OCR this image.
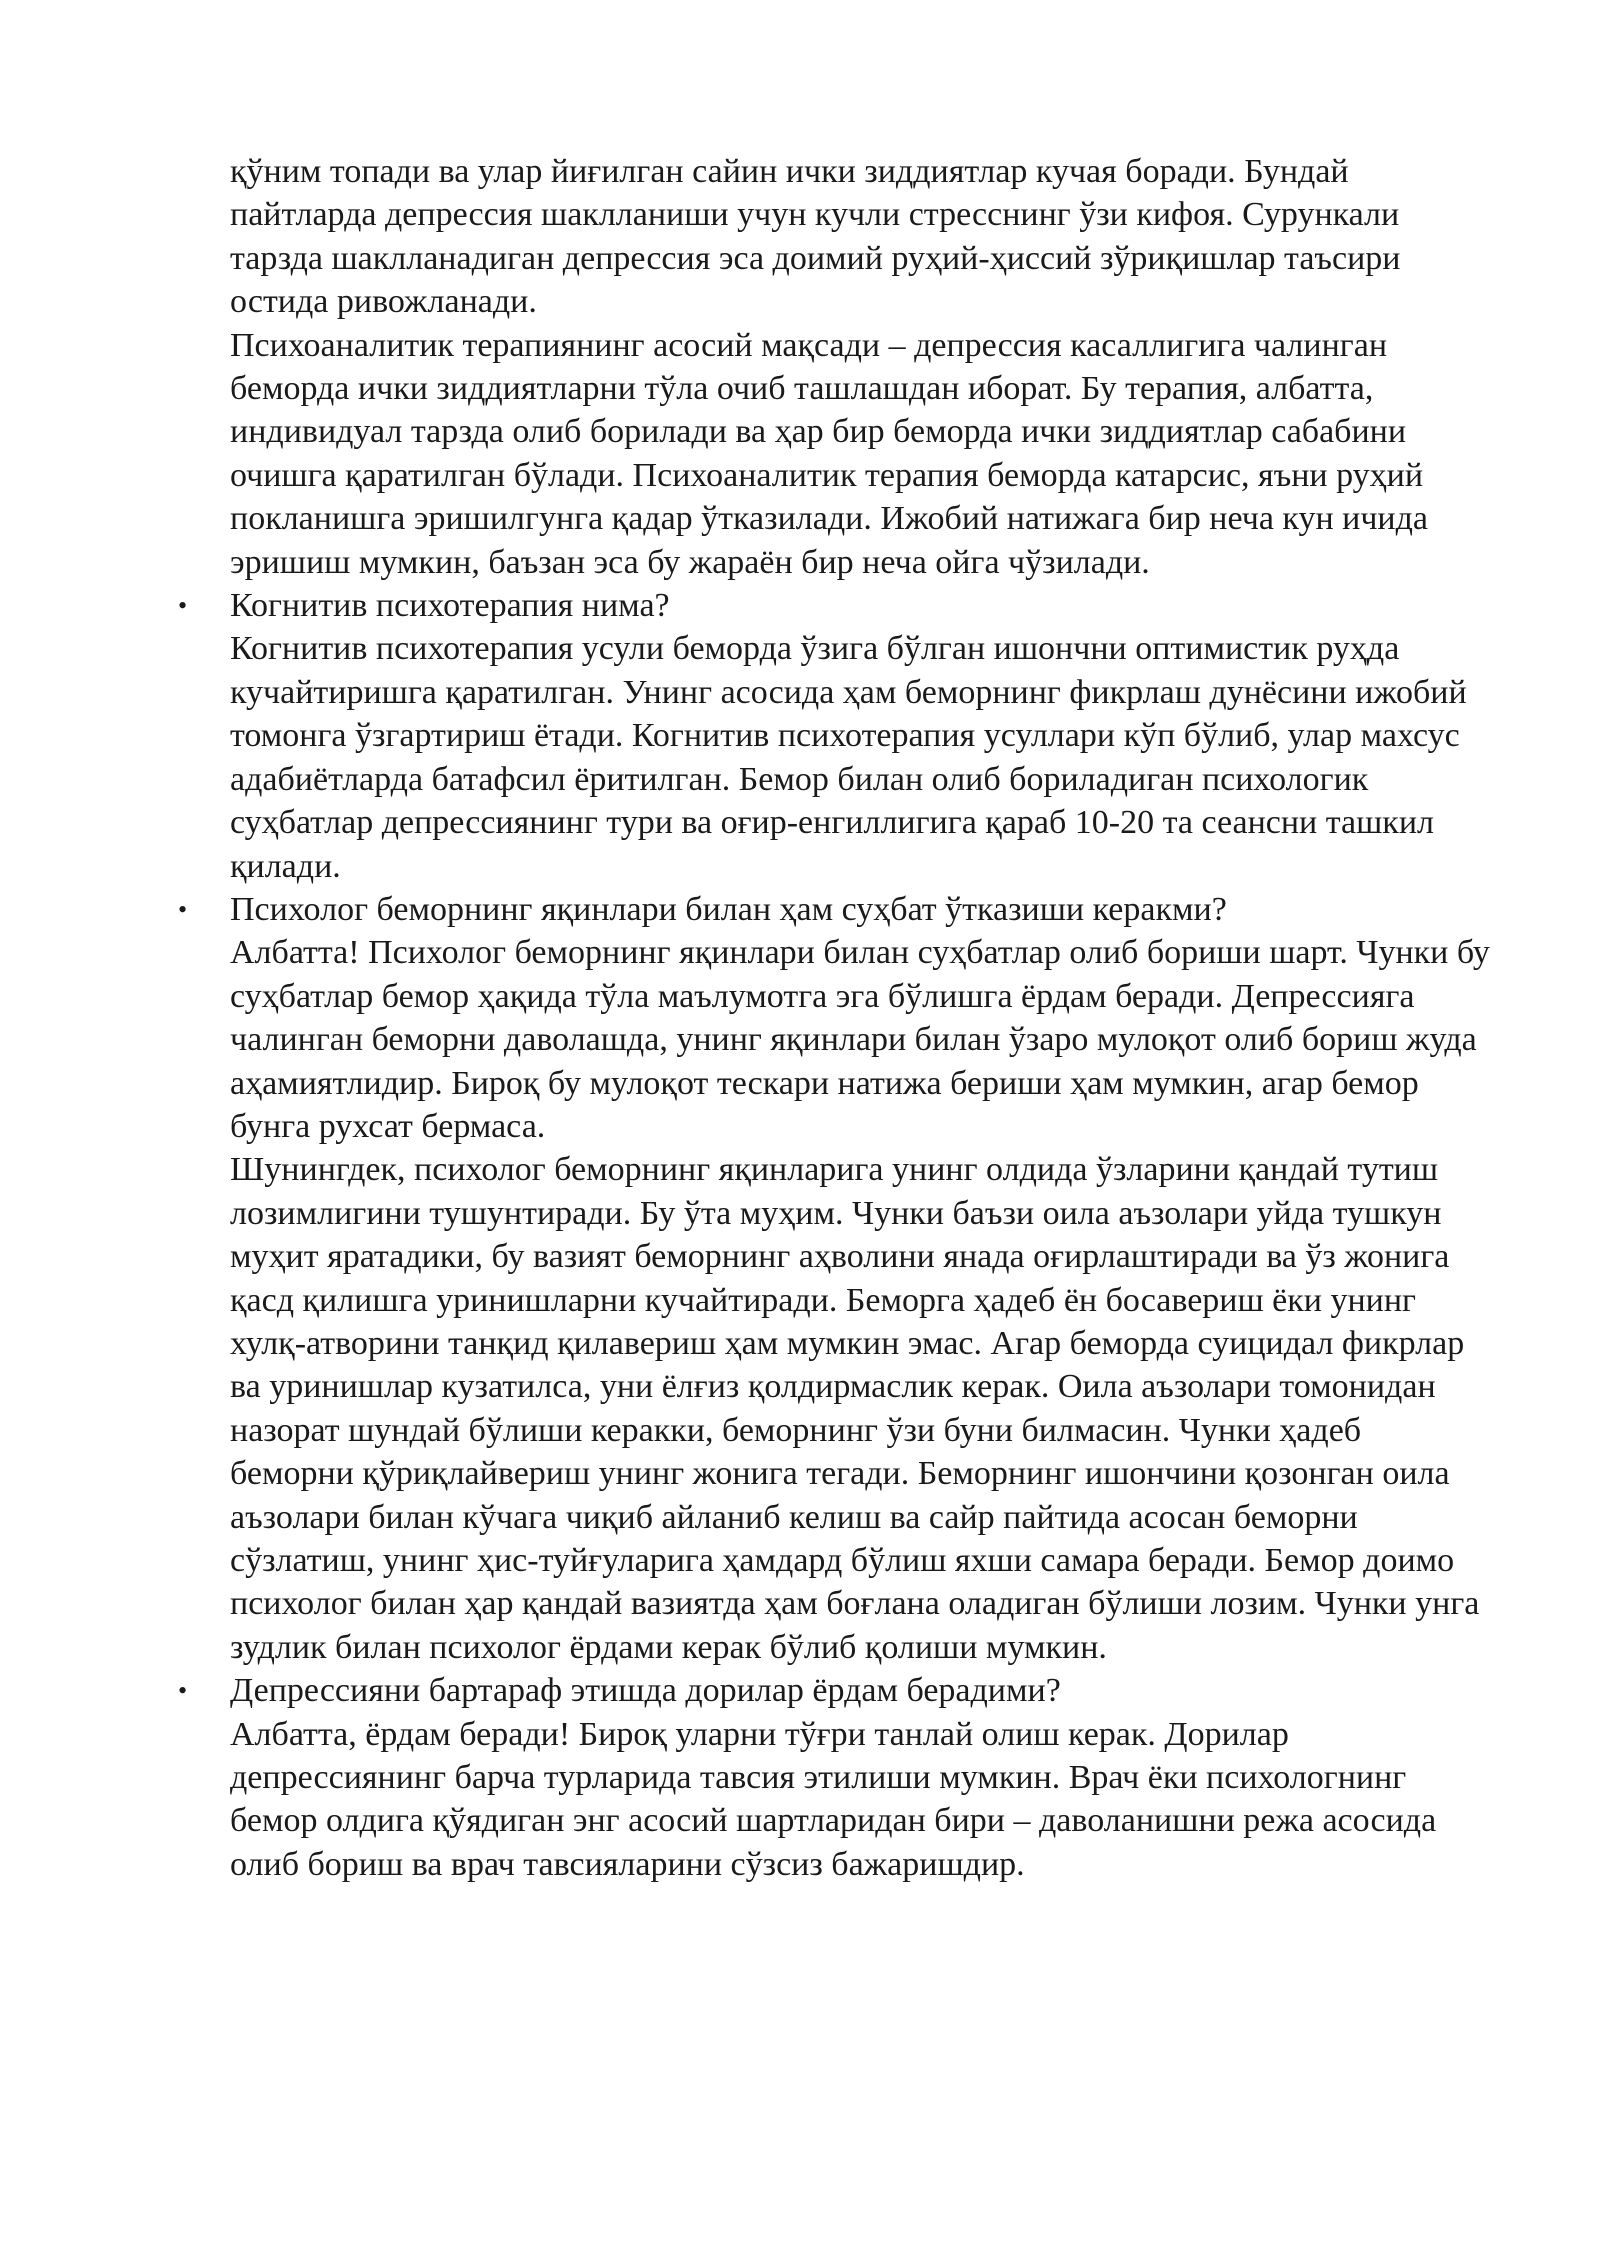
қўним топади ва улар йиғилган сайин ички зиддиятлар кучая боради. Бундай пайтларда депрессия шаклланиши учун кучли стресснинг ўзи кифоя. Сурункали тарзда шаклланадиган депрессия эса доимий руҳий-ҳиссий зўриқишлар таъсири остида ривожланади.

Психоаналитик терапиянинг асосий мақсади – депрессия касаллигига чалинган беморда ички зиддиятларни тўла очиб ташлашдан иборат. Бу терапия, албатта, индивидуал тарзда олиб борилади ва ҳар бир беморда ички зиддиятлар сабабини очишга қаратилган бўлади. Психоаналитик терапия беморда катарсис, яъни руҳий покланишга эришилгунга қадар ўтказилади. Ижобий натижага бир неча кун ичида эришиш мумкин, баъзан эса бу жараён бир неча ойга чўзилади.

• Когнитив психотерапия нима?
Когнитив психотерапия усули беморда ўзига бўлган ишончни оптимистик руҳда кучайтиришга қаратилган. Унинг асосида ҳам беморнинг фикрлаш дунёсини ижобий томонга ўзгартириш ётади. Когнитив психотерапия усуллари кўп бўлиб, улар махсус адабиётларда батафсил ёритилган. Бемор билан олиб бориладиган психологик суҳбатлар депрессиянинг тури ва оғир-енгиллигига қараб 10-20 та сеансни ташкил қилади.
• Психолог беморнинг яқинлари билан ҳам суҳбат ўтказиши керакми?
Албатта! Психолог беморнинг яқинлари билан суҳбатлар олиб бориши шарт. Чунки бу суҳбатлар бемор ҳақида тўла маълумотга эга бўлишга ёрдам беради. Депрессияга чалинган беморни даволашда, унинг яқинлари билан ўзаро мулоқот олиб бориш жуда аҳамиятлидир. Бироқ бу мулоқот тескари натижа бериши ҳам мумкин, агар бемор бунга рухсат бермаса.
Шунингдек, психолог беморнинг яқинларига унинг олдида ўзларини қандай тутиш лозимлигини тушунтиради. Бу ўта муҳим. Чунки баъзи оила аъзолари уйда тушкун муҳит яратадики, бу вазият беморнинг аҳволини янада оғирлаштиради ва ўз жонига қасд қилишга уринишларни кучайтиради. Беморга ҳадеб ён босавериш ёки унинг хулқ-атворини танқид қилавериш ҳам мумкин эмас. Агар беморда суицидал фикрлар ва уринишлар кузатилса, уни ёлғиз қолдирмаслик керак. Оила аъзолари томонидан назорат шундай бўлиши керакки, беморнинг ўзи буни билмасин. Чунки ҳадеб беморни қўриқлайвериш унинг жонига тегади. Беморнинг ишончини қозонган оила аъзолари билан кўчага чиқиб айланиб келиш ва сайр пайтида асосан беморни сўзлатиш, унинг ҳис-туйғуларига ҳамдард бўлиш яхши самара беради. Бемор доимо психолог билан ҳар қандай вазиятда ҳам боғлана оладиган бўлиши лозим. Чунки унга зудлик билан психолог ёрдами керак бўлиб қолиши мумкин.
• Депрессияни бартараф этишда дорилар ёрдам берадими?
Албатта, ёрдам беради! Бироқ уларни тўғри танлай олиш керак. Дорилар депрессиянинг барча турларида тавсия этилиши мумкин. Врач ёки психологнинг бемор олдига қўядиган энг асосий шартларидан бири – даволанишни режа асосида олиб бориш ва врач тавсияларини сўзсиз бажаришдир.
